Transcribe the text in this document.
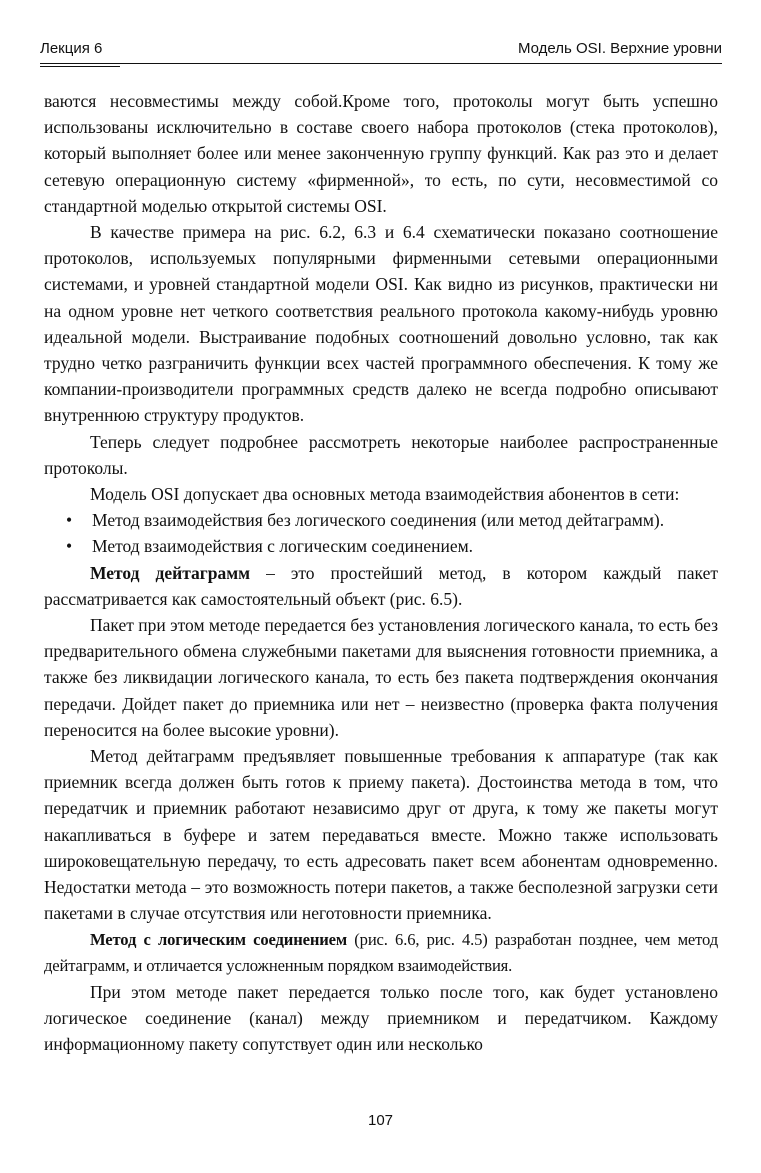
Лекция 6	Модель OSI. Верхние уровни

ваются несовместимы между собой.Кроме того, протоколы могут быть успешно использованы исключительно в составе своего набора протоколов (стека протоколов), который выполняет более или менее законченную группу функций. Как раз это и делает сетевую операционную систему «фирменной», то есть, по сути, несовместимой со стандартной моделью открытой системы OSI.

В качестве примера на рис. 6.2, 6.3 и 6.4 схематически показано соотношение протоколов, используемых популярными фирменными сетевыми операционными системами, и уровней стандартной модели OSI. Как видно из рисунков, практически ни на одном уровне нет четкого соответствия реального протокола какому-нибудь уровню идеальной модели. Выстраивание подобных соотношений довольно условно, так как трудно четко разграничить функции всех частей программного обеспечения. К тому же компании-производители программных средств далеко не всегда подробно описывают внутреннюю структуру продуктов.

Теперь следует подробнее рассмотреть некоторые наиболее распространенные протоколы.

Модель OSI допускает два основных метода взаимодействия абонентов в сети:

• Метод взаимодействия без логического соединения (или метод дейтаграмм).
• Метод взаимодействия с логическим соединением.

Метод дейтаграмм – это простейший метод, в котором каждый пакет рассматривается как самостоятельный объект (рис. 6.5).

Пакет при этом методе передается без установления логического канала, то есть без предварительного обмена служебными пакетами для выяснения готовности приемника, а также без ликвидации логического канала, то есть без пакета подтверждения окончания передачи. Дойдет пакет до приемника или нет – неизвестно (проверка факта получения переносится на более высокие уровни).

Метод дейтаграмм предъявляет повышенные требования к аппаратуре (так как приемник всегда должен быть готов к приему пакета). Достоинства метода в том, что передатчик и приемник работают независимо друг от друга, к тому же пакеты могут накапливаться в буфере и затем передаваться вместе. Можно также использовать широковещательную передачу, то есть адресовать пакет всем абонентам одновременно. Недостатки метода – это возможность потери пакетов, а также бесполезной загрузки сети пакетами в случае отсутствия или неготовности приемника.

Метод с логическим соединением (рис. 6.6, рис. 4.5) разработан позднее, чем метод дейтаграмм, и отличается усложненным порядком взаимодействия.

При этом методе пакет передается только после того, как будет установлено логическое соединение (канал) между приемником и передатчиком. Каждому информационному пакету сопутствует один или несколько

107
